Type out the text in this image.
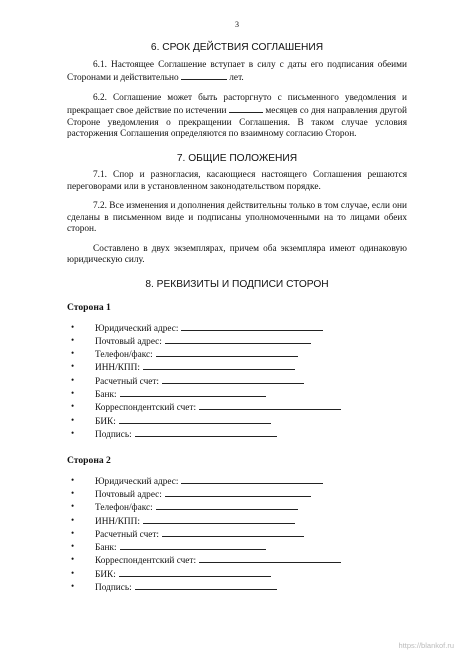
3
6. СРОК ДЕЙСТВИЯ СОГЛАШЕНИЯ

6.1. Настоящее Соглашение вступает в силу с даты его подписания обеими Сторонами и действительно	лет.

6.2. Соглашение может быть расторгнуто с письменного уведомления и прекращает свое действие по истечении	месяцев со дня направления другой Стороне уведомления о прекращении Соглашения. В таком случае условия расторжения Соглашения определяются по взаимному согласию Сторон.

7. ОБЩИЕ ПОЛОЖЕНИЯ

7.1. Спор и разногласия, касающиеся настоящего Соглашения решаются переговорами или в установленном законодательством порядке.

7.2. Все изменения и дополнения действительны только в том случае, если они сделаны в письменном виде и подписаны уполномоченными на то лицами обеих сторон.

Составлено в двух экземплярах, причем оба экземпляра имеют одинаковую юридическую силу.

8. РЕКВИЗИТЫ И ПОДПИСИ СТОРОН
Сторона 1
• Юридический адрес:
• Почтовый адрес:
• Телефон/факс:
• ИНН/КПП:
• Расчетный счет:
• Банк:
• Корреспондентский счет:
• БИК:
• Подпись:
Сторона 2
• Юридический адрес:
• Почтовый адрес:
• Телефон/факс:
• ИНН/КПП:
• Расчетный счет:
• Банк:
• Корреспондентский счет:
• БИК:
• Подпись:
https://blankof.ru
